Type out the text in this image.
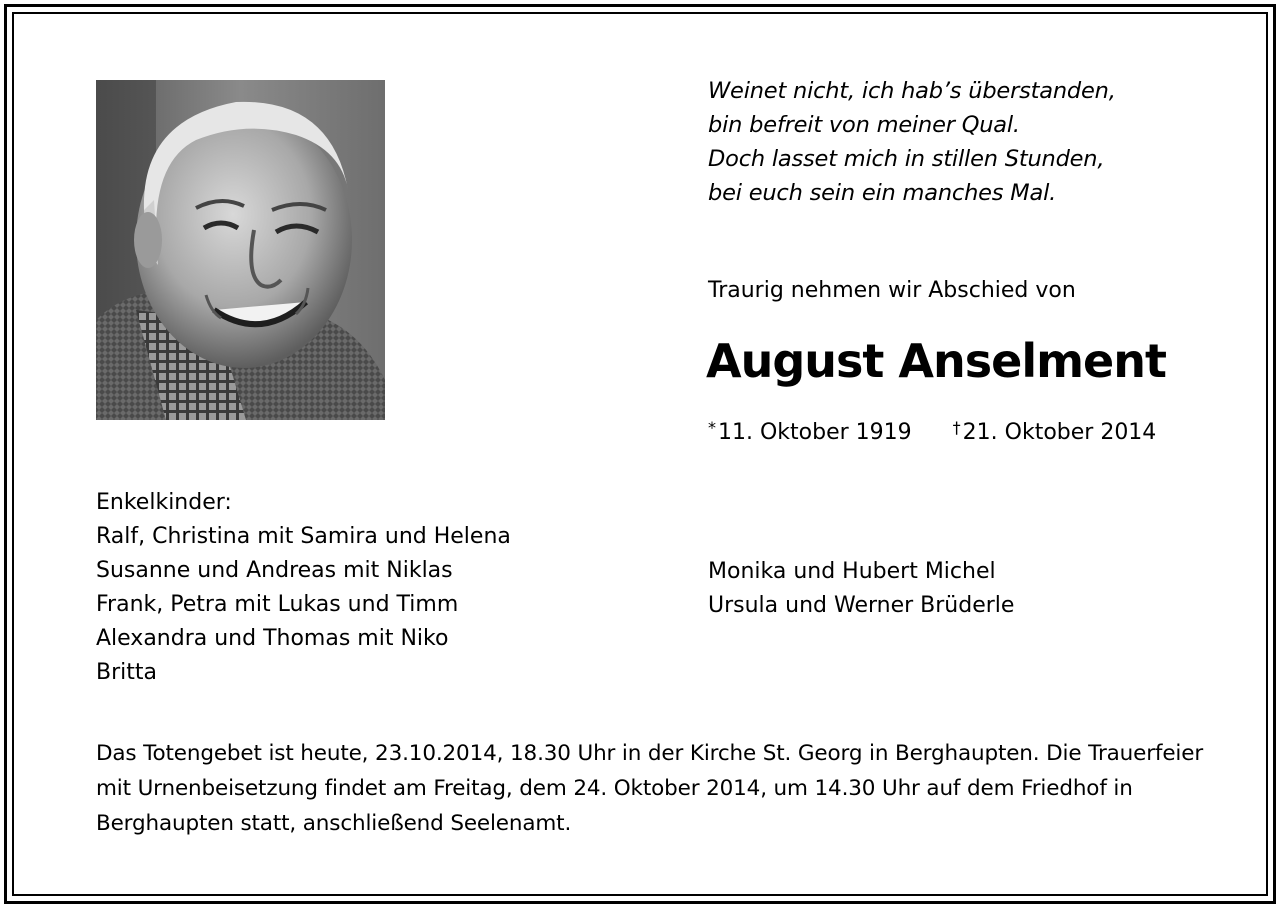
Weinet nicht, ich hab’s überstanden,
bin befreit von meiner Qual.
Doch lasset mich in stillen Stunden,
bei euch sein ein manches Mal.
Traurig nehmen wir Abschied von
August Anselment
*11. Oktober 1919	†21. Oktober 2014
Enkelkinder:
Ralf, Christina mit Samira und Helena
Susanne und Andreas mit Niklas
Frank, Petra mit Lukas und Timm
Alexandra und Thomas mit Niko
Britta
Monika und Hubert Michel
Ursula und Werner Brüderle
Das Totengebet ist heute, 23.10.2014, 18.30 Uhr in der Kirche St. Georg in Berghaupten. Die Trauerfeier mit Urnenbeisetzung findet am Freitag, dem 24. Oktober 2014, um 14.30 Uhr auf dem Friedhof in Berghaupten statt, anschließend Seelenamt.
